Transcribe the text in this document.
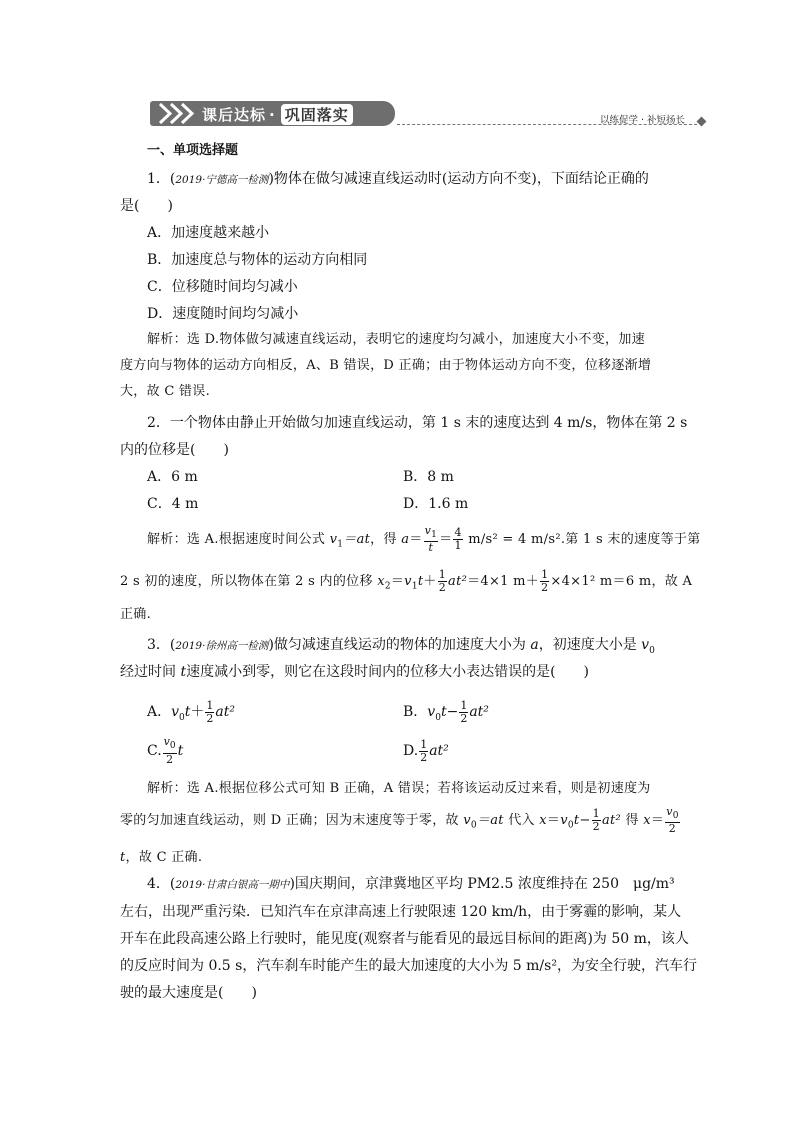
课后达标 · 巩固落实	以练促学 · 补短扬长
一、单项选择题
1．(2019·宁德高一检测)物体在做匀减速直线运动时(运动方向不变)，下面结论正确的
是(　　)
A．加速度越来越小
B．加速度总与物体的运动方向相同
C．位移随时间均匀减小
D．速度随时间均匀减小
解析：选 D.物体做匀减速直线运动，表明它的速度均匀减小，加速度大小不变，加速
度方向与物体的运动方向相反，A、B 错误，D 正确；由于物体运动方向不变，位移逐渐增
大，故 C 错误.
2．一个物体由静止开始做匀加速直线运动，第 1 s 末的速度达到 4 m/s，物体在第 2 s
内的位移是(　　)
A．6 m	B．8 m
C．4 m	D．1.6 m
解析：选 A.根据速度时间公式 $v_1=at$，得 $a= \frac{v_1}{t} = \frac{4}{1} m/s^2 = 4$ m/s².第 1 s 末的速度等于第
2 s 初的速度，所以物体在第 2 s 内的位移 $x_2=v_1t+ \frac{1}{2} at^2=4\times 1$ $m+ \frac{1}{2} \times 4\times 1^2$ m＝6 m，故 A
正确.
3．(2019·徐州高一检测)做匀减速直线运动的物体的加速度大小为 a，初速度大小是 $v_0$
经过时间 t速度减小到零，则它在这段时间内的位移大小表达错误的是(　　)
A．$v_0t+ \frac{1}{2} at^2$	B．$v_0t- \frac{1}{2} at^2$
C. $\frac{v_0}{2}$ t	D. $\frac{1}{2} at^2$
解析：选 A.根据位移公式可知 B 正确，A 错误；若将该运动反过来看，则是初速度为
零的匀加速直线运动，则 D 正确；因为末速度等于零，故 $v_0=at$ 代入 $x=v_0t- \frac{1}{2} at^2$ 得 $x= \frac{v_0}{2}$
t，故 C 正确.
4．(2019·甘肃白银高一期中)国庆期间，京津冀地区平均 PM2.5 浓度维持在 250　μg/m³
左右，出现严重污染．已知汽车在京津高速上行驶限速 120 km/h，由于雾霾的影响，某人
开车在此段高速公路上行驶时，能见度(观察者与能看见的最远目标间的距离)为 50 m，该人
的反应时间为 0.5 s，汽车刹车时能产生的最大加速度的大小为 5 m/s²，为安全行驶，汽车行
驶的最大速度是(　　)
